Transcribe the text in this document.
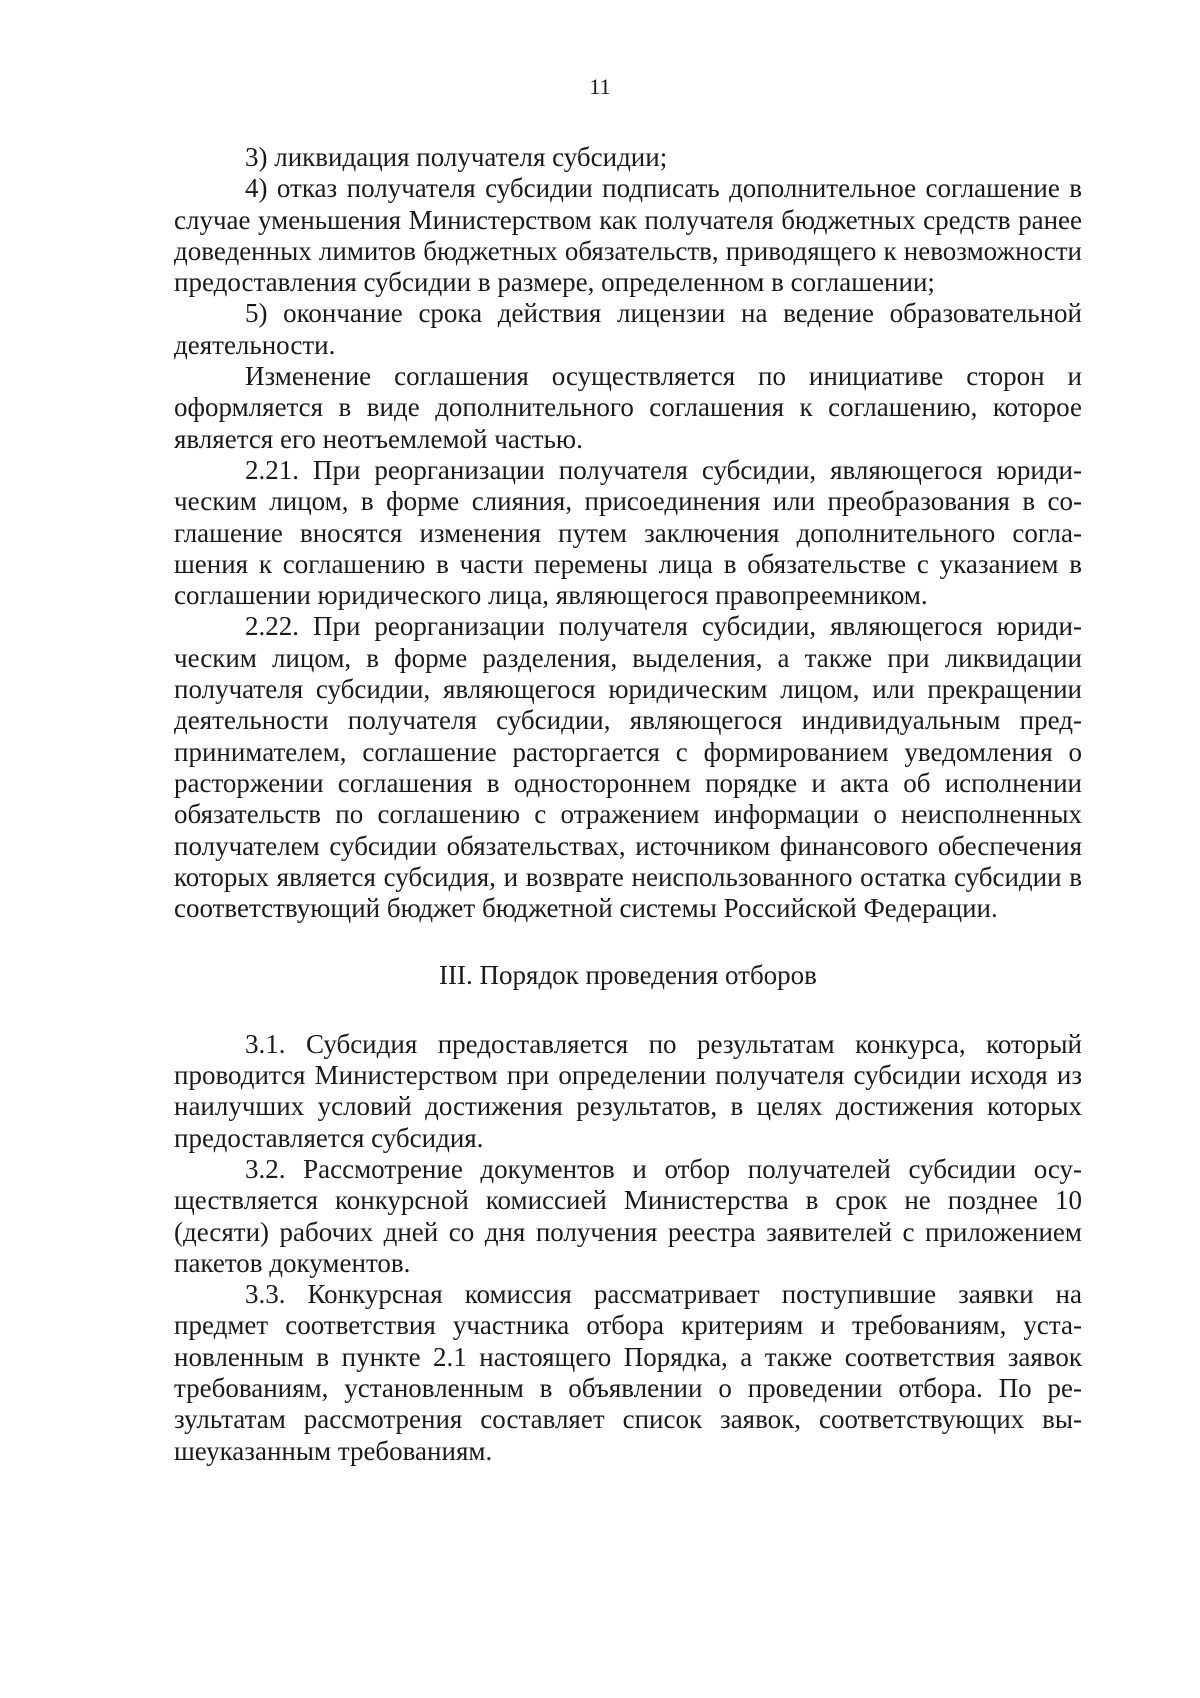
11

3) ликвидация получателя субсидии;

4) отказ получателя субсидии подписать дополнительное соглашение в случае уменьшения Министерством как получателя бюджетных средств ранее доведенных лимитов бюджетных обязательств, приводящего к невозможности предоставления субсидии в размере, определенном в соглашении;

5) окончание срока действия лицензии на ведение образовательной деятельности.

Изменение соглашения осуществляется по инициативе сторон и оформляется в виде дополнительного соглашения к соглашению, которое является его неотъемлемой частью.

2.21. При реорганизации получателя субсидии, являющегося юридическим лицом, в форме слияния, присоединения или преобразования в соглашение вносятся изменения путем заключения дополнительного соглашения к соглашению в части перемены лица в обязательстве с указанием в соглашении юридического лица, являющегося правопреемником.

2.22. При реорганизации получателя субсидии, являющегося юридическим лицом, в форме разделения, выделения, а также при ликвидации получателя субсидии, являющегося юридическим лицом, или прекращении деятельности получателя субсидии, являющегося индивидуальным предпринимателем, соглашение расторгается с формированием уведомления о расторжении соглашения в одностороннем порядке и акта об исполнении обязательств по соглашению с отражением информации о неисполненных получателем субсидии обязательствах, источником финансового обеспечения которых является субсидия, и возврате неиспользованного остатка субсидии в соответствующий бюджет бюджетной системы Российской Федерации.

III. Порядок проведения отборов

3.1. Субсидия предоставляется по результатам конкурса, который проводится Министерством при определении получателя субсидии исходя из наилучших условий достижения результатов, в целях достижения которых предоставляется субсидия.

3.2. Рассмотрение документов и отбор получателей субсидии осуществляется конкурсной комиссией Министерства в срок не позднее 10 (десяти) рабочих дней со дня получения реестра заявителей с приложением пакетов документов.

3.3. Конкурсная комиссия рассматривает поступившие заявки на предмет соответствия участника отбора критериям и требованиям, установленным в пункте 2.1 настоящего Порядка, а также соответствия заявок требованиям, установленным в объявлении о проведении отбора. По результатам рассмотрения составляет список заявок, соответствующих вышеуказанным требованиям.
